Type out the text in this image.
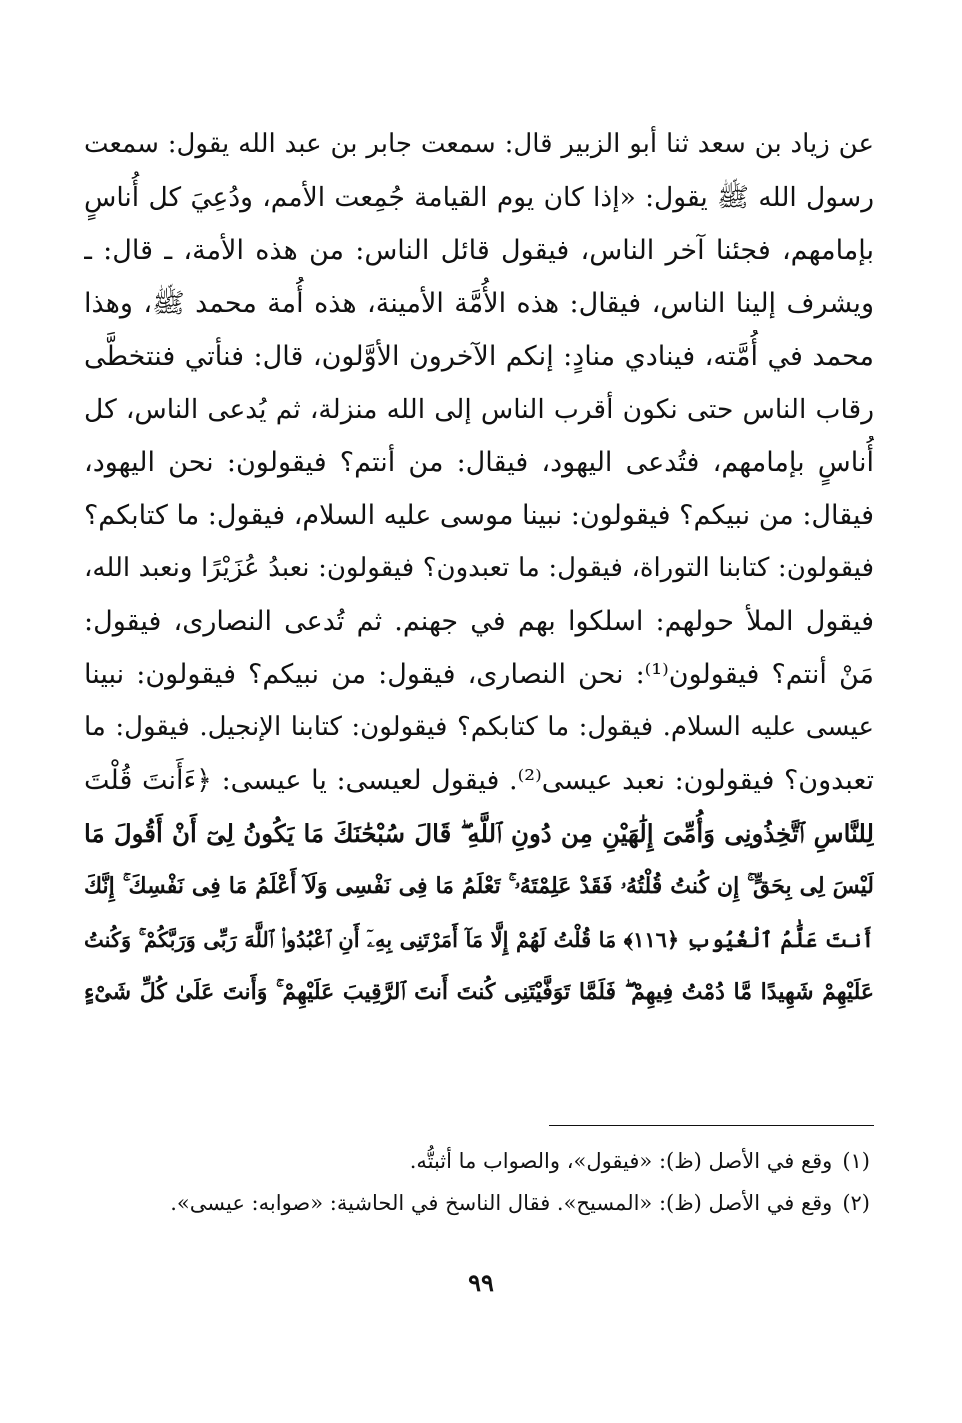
عن زياد بن سعد ثنا أبو الزبير قال: سمعت جابر بن عبد الله يقول: سمعت
رسول الله ﷺ يقول: «إذا كان يوم القيامة جُمِعت الأمم، ودُعِيَ كل أُناسٍ
بإمامهم، فجئنا آخر الناس، فيقول قائل الناس: من هذه الأمة، ـ قال: ـ
ويشرف إلينا الناس، فيقال: هذه الأُمَّة الأمينة، هذه أُمة محمد ﷺ، وهذا
محمد في أُمَّته، فينادي منادٍ: إنكم الآخرون الأوَّلون، قال: فنأتي فنتخطَّى
رقاب الناس حتى نكون أقرب الناس إلى الله منزلة، ثم يُدعى الناس، كل
أُناسٍ بإمامهم، فتُدعى اليهود، فيقال: من أنتم؟ فيقولون: نحن اليهود،
فيقال: من نبيكم؟ فيقولون: نبينا موسى عليه السلام، فيقول: ما كتابكم؟
فيقولون: كتابنا التوراة، فيقول: ما تعبدون؟ فيقولون: نعبدُ عُزَيْرًا ونعبد الله،
فيقول الملأ حولهم: اسلكوا بهم في جهنم. ثم تُدعى النصارى، فيقول:
مَنْ أنتم؟ فيقولون⁽¹⁾: نحن النصارى، فيقول: من نبيكم؟ فيقولون: نبينا
عيسى عليه السلام. فيقول: ما كتابكم؟ فيقولون: كتابنا الإنجيل. فيقول: ما
تعبدون؟ فيقولون: نعبد عيسى⁽²⁾. فيقول لعيسى: يا عيسى: ﴿ءَأَنتَ قُلْتَ
لِلنَّاسِ ٱتَّخِذُونِى وَأُمِّىَ إِلَٰهَيْنِ مِن دُونِ ٱللَّهِ ۖ قَالَ سُبْحَٰنَكَ مَا يَكُونُ لِىٓ أَنْ أَقُولَ مَا
لَيْسَ لِى بِحَقٍّ ۚ إِن كُنتُ قُلْتُهُۥ فَقَدْ عَلِمْتَهُۥ ۚ تَعْلَمُ مَا فِى نَفْسِى وَلَآ أَعْلَمُ مَا فِى نَفْسِكَ ۚ إِنَّكَ
أَنتَ عَلَّٰمُ ٱلْغُيُوبِ ﴿١١٦﴾ مَا قُلْتُ لَهُمْ إِلَّا مَآ أَمَرْتَنِى بِهِۦٓ أَنِ ٱعْبُدُوا۟ ٱللَّهَ رَبِّى وَرَبَّكُمْ ۚ وَكُنتُ
عَلَيْهِمْ شَهِيدًا مَّا دُمْتُ فِيهِمْ ۖ فَلَمَّا تَوَفَّيْتَنِى كُنتَ أَنتَ ٱلرَّقِيبَ عَلَيْهِمْ ۚ وَأَنتَ عَلَىٰ كُلِّ شَىْءٍ
(١)وقع في الأصل (ظ): «فيقول»، والصواب ما أثبتُّه.
(٢)وقع في الأصل (ظ): «المسيح». فقال الناسخ في الحاشية: «صوابه: عيسى».
٩٩
